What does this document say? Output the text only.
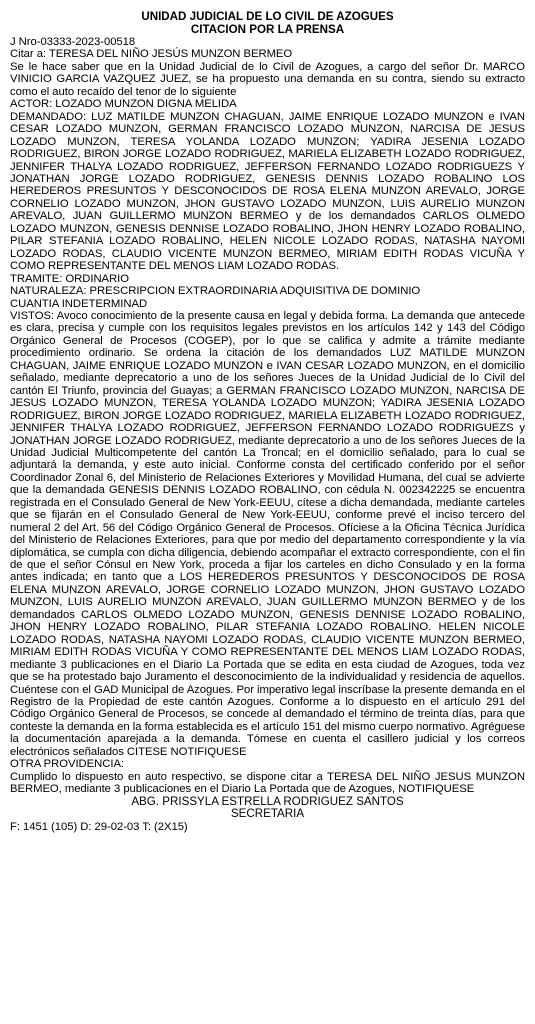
UNIDAD JUDICIAL DE LO CIVIL DE AZOGUES
CITACION POR LA PRENSA
J Nro-03333-2023-00518
Citar a: TERESA DEL NIÑO JESÚS MUNZON BERMEO
Se le hace saber que en la Unidad Judicial de lo Civil de Azogues, a cargo del señor Dr. MARCO VINICIO GARCIA VAZQUEZ JUEZ, se ha propuesto una demanda en su contra, siendo su extracto como el auto recaído del tenor de lo siguiente
ACTOR: LOZADO MUNZON DIGNA MELIDA
DEMANDADO: LUZ MATILDE MUNZON CHAGUAN, JAIME ENRIQUE LOZADO MUNZON e IVAN CESAR LOZADO MUNZON, GERMAN FRANCISCO LOZADO MUNZON, NARCISA DE JESUS LOZADO MUNZON, TERESA YOLANDA LOZADO MUNZON; YADIRA JESENIA LOZADO RODRIGUEZ, BIRON JORGE LOZADO RODRIGUEZ, MARIELA ELIZABETH LOZADO RODRIGUEZ, JENNIFER THALYA LOZADO RODRIGUEZ, JEFFERSON FERNANDO LOZADO RODRIGUEZS Y JONATHAN JORGE LOZADO RODRIGUEZ, GENESIS DENNIS LOZADO ROBALINO LOS HEREDEROS PRESUNTOS Y DESCONOCIDOS DE ROSA ELENA MUNZON AREVALO, JORGE CORNELIO LOZADO MUNZON, JHON GUSTAVO LOZADO MUNZON, LUIS AURELIO MUNZON AREVALO, JUAN GUILLERMO MUNZON BERMEO y de los demandados CARLOS OLMEDO LOZADO MUNZON, GENESIS DENNISE LOZADO ROBALINO, JHON HENRY LOZADO ROBALINO, PILAR STEFANIA LOZADO ROBALINO, HELEN NICOLE LOZADO RODAS, NATASHA NAYOMI LOZADO RODAS, CLAUDIO VICENTE MUNZON BERMEO, MIRIAM EDITH RODAS VICUÑA Y COMO REPRESENTANTE DEL MENOS LIAM LOZADO RODAS.
TRAMITE: ORDINARIO
NATURALEZA: PRESCRIPCION EXTRAORDINARIA ADQUISITIVA DE DOMINIO
CUANTIA INDETERMINAD
VISTOS: Avoco conocimiento de la presente causa en legal y debida forma. La demanda que antecede es clara, precisa y cumple con los requisitos legales previstos en los artículos 142 y 143 del Código Orgánico General de Procesos (COGEP), por lo que se califica y admite a trámite mediante procedimiento ordinario. Se ordena la citación de los demandados LUZ MATILDE MUNZON CHAGUAN, JAIME ENRIQUE LOZADO MUNZON e IVAN CESAR LOZADO MUNZON, en el domicilio señalado, mediante deprecatorio a uno de los señores Jueces de la Unidad Judicial de lo Civil del cantón El Triunfo, provincia del Guayas; a GERMAN FRANCISCO LOZADO MUNZON, NARCISA DE JESUS LOZADO MUNZON, TERESA YOLANDA LOZADO MUNZON; YADIRA JESENIA LOZADO RODRIGUEZ, BIRON JORGE LOZADO RODRIGUEZ, MARIELA ELIZABETH LOZADO RODRIGUEZ, JENNIFER THALYA LOZADO RODRIGUEZ, JEFFERSON FERNANDO LOZADO RODRIGUEZS y JONATHAN JORGE LOZADO RODRIGUEZ, mediante deprecatorio a uno de los señores Jueces de la Unidad Judicial Multicompetente del cantón La Troncal; en el domicilio señalado, para lo cual se adjuntará la demanda, y este auto inicial. Conforme consta del certificado conferido por el señor Coordinador Zonal 6, del Ministerio de Relaciones Exteriores y Movilidad Humana, del cual se advierte que la demandada GENESIS DENNIS LOZADO ROBALINO, con cédula N. 002342225 se encuentra registrada en el Consulado General de New York-EEUU, cítese a dicha demandada, mediante carteles que se fijarán en el Consulado General de New York-EEUU, conforme prevé el inciso tercero del numeral 2 del Art. 56 del Código Orgánico General de Procesos. Ofíciese a la Oficina Técnica Jurídica del Ministerio de Relaciones Exteriores, para que por medio del departamento correspondiente y la vía diplomática, se cumpla con dicha diligencia, debiendo acompañar el extracto correspondiente, con el fin de que el señor Cónsul en New York, proceda a fijar los carteles en dicho Consulado y en la forma antes indicada; en tanto que a LOS HEREDEROS PRESUNTOS Y DESCONOCIDOS DE ROSA ELENA MUNZON AREVALO, JORGE CORNELIO LOZADO MUNZON, JHON GUSTAVO LOZADO MUNZON, LUIS AURELIO MUNZON AREVALO, JUAN GUILLERMO MUNZON BERMEO y de los demandados CARLOS OLMEDO LOZADO MUNZON, GENESIS DENNISE LOZADO ROBALINO, JHON HENRY LOZADO ROBALINO, PILAR STEFANIA LOZADO ROBALINO. HELEN NICOLE LOZADO RODAS, NATASHA NAYOMI LOZADO RODAS, CLAUDIO VICENTE MUNZON BERMEO, MIRIAM EDITH RODAS VICUÑA Y COMO REPRESENTANTE DEL MENOS LIAM LOZADO RODAS, mediante 3 publicaciones en el Diario La Portada que se edita en esta ciudad de Azogues, toda vez que se ha protestado bajo Juramento el desconocimiento de la individualidad y residencia de aquellos. Cuéntese con el GAD Municipal de Azogues. Por imperativo legal inscríbase la presente demanda en el Registro de la Propiedad de este cantón Azogues. Conforme a lo dispuesto en el artículo 291 del Código Orgánico General de Procesos, se concede al demandado el término de treinta días, para que conteste la demanda en la forma establecida es el artículo 151 del mismo cuerpo normativo. Agréguese la documentación aparejada a la demanda. Tómese en cuenta el casillero judicial y los correos electrónicos señalados CITESE NOTIFIQUESE
OTRA PROVIDENCIA:
Cumplido lo dispuesto en auto respectivo, se dispone citar a TERESA DEL NIÑO JESUS MUNZON BERMEO, mediante 3 publicaciones en el Diario La Portada que de Azogues, NOTIFIQUESE
ABG. PRISSYLA ESTRELLA RODRIGUEZ SANTOS
SECRETARIA
F: 1451 (105) D: 29-02-03 T: (2X15)
